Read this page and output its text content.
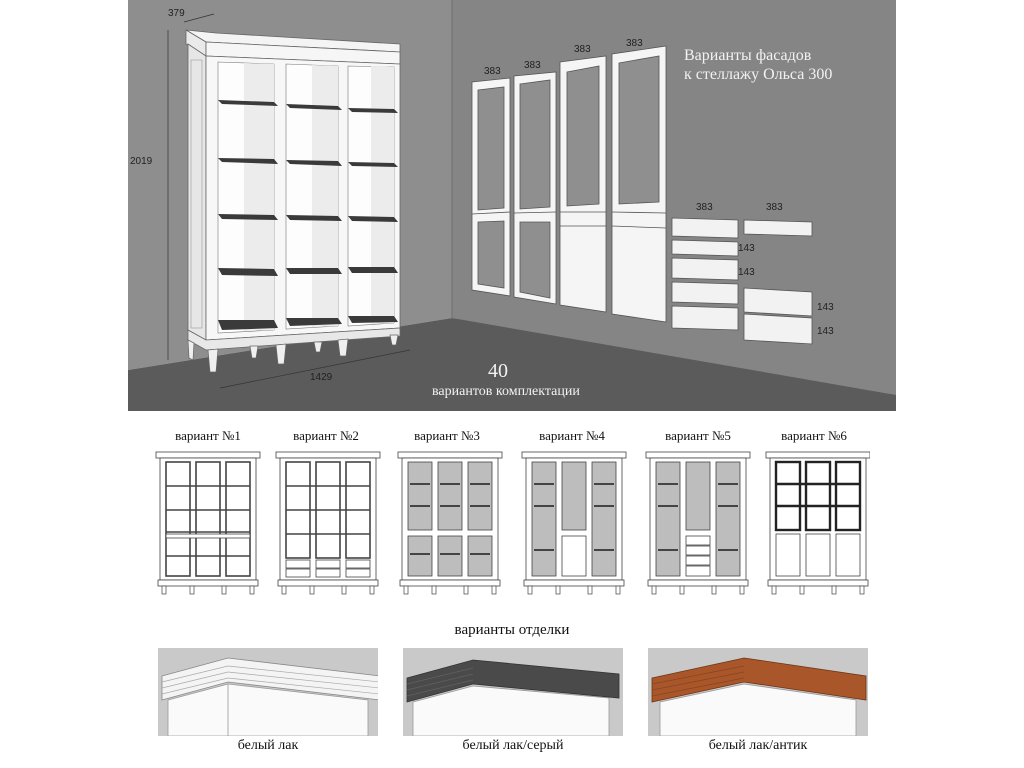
379
2019
1429
383
383
383
383
383	383
143
143
143
143
Варианты фасадов
к стеллажу Ольса 300
40
вариантов комплектации
вариант №1	вариант №2	вариант №3	вариант №4	вариант №5	вариант №6
варианты отделки
белый лак	белый лак/серый	белый лак/антик
